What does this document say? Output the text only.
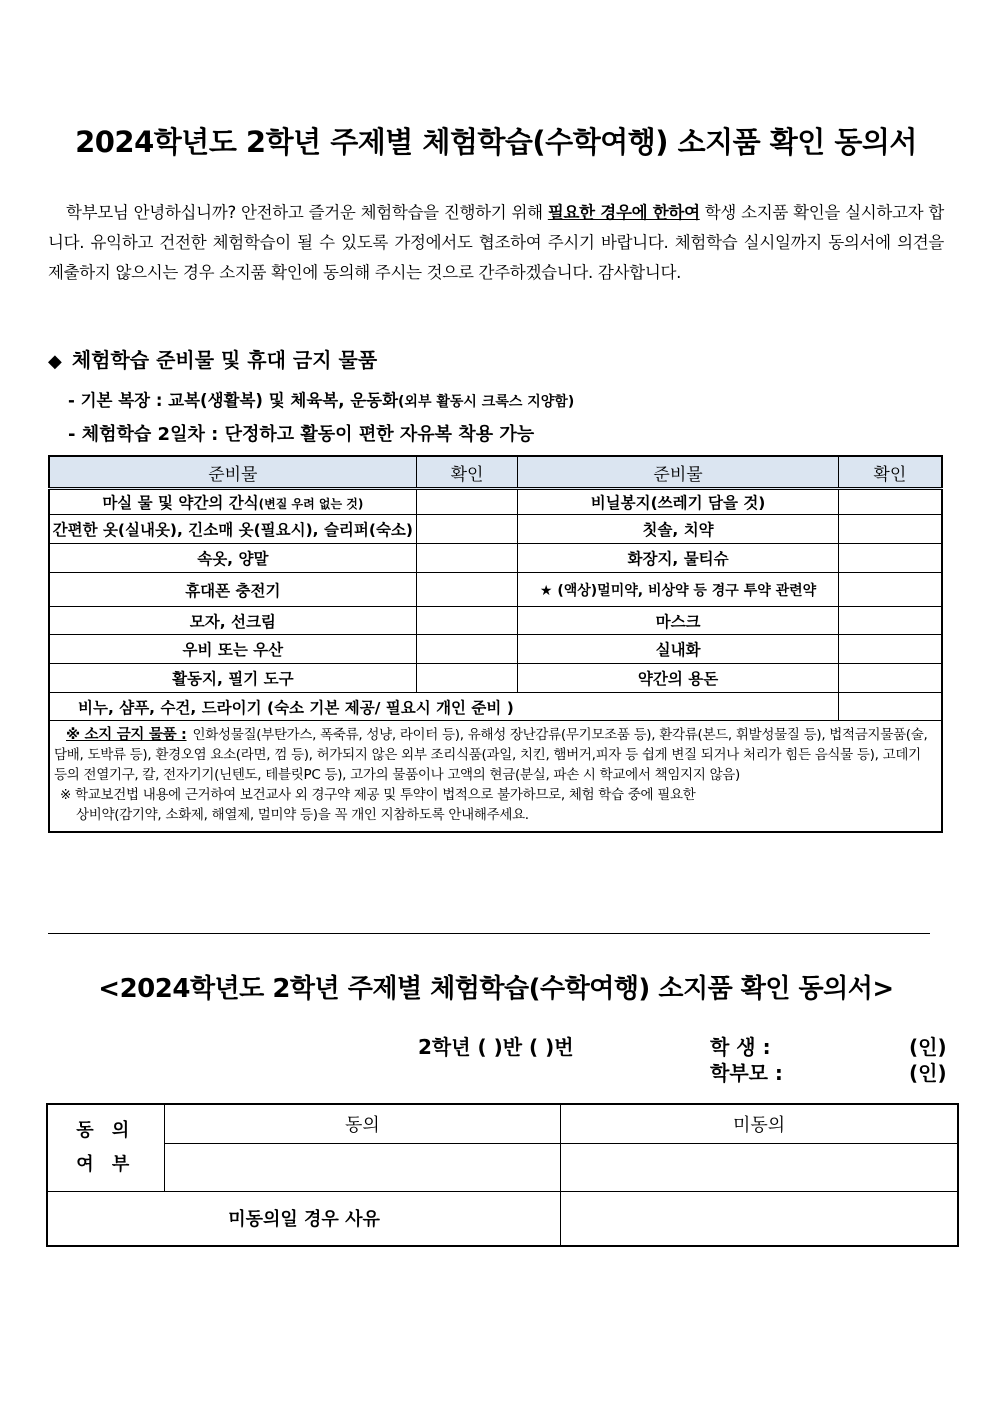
2024학년도 2학년 주제별 체험학습(수학여행) 소지품 확인 동의서
학부모님 안녕하십니까? 안전하고 즐거운 체험학습을 진행하기 위해 필요한 경우에 한하여 학생 소지품 확인을 실시하고자 합니다. 유익하고 건전한 체험학습이 될 수 있도록 가정에서도 협조하여 주시기 바랍니다. 체험학습 실시일까지 동의서에 의견을 제출하지 않으시는 경우 소지품 확인에 동의해 주시는 것으로 간주하겠습니다. 감사합니다.
◆ 체험학습 준비물 및 휴대 금지 물품
- 기본 복장 : 교복(생활복) 및 체육복, 운동화(외부 활동시 크록스 지양함)
- 체험학습 2일차 : 단정하고 활동이 편한 자유복 착용 가능
준비물	확인	준비물	확인
마실 물 및 약간의 간식(변질 우려 없는 것)		비닐봉지(쓰레기 담을 것)	
간편한 옷(실내옷), 긴소매 옷(필요시), 슬리퍼(숙소)		칫솔, 치약	
속옷, 양말		화장지, 물티슈	
휴대폰 충전기		★ (액상)멀미약, 비상약 등 경구 투약 관련약	
모자, 선크림		마스크	
우비 또는 우산		실내화	
활동지, 필기 도구		약간의 용돈	
비누, 샴푸, 수건, 드라이기 (숙소 기본 제공/ 필요시 개인 준비 )			

※ 소지 금지 물품 : 인화성물질(부탄가스, 폭죽류, 성냥, 라이터 등), 유해성 장난감류(무기모조품 등), 환각류(본드, 휘발성물질 등), 법적금지물품(술, 담배, 도박류 등), 환경오염 요소(라면, 껌 등), 허가되지 않은 외부 조리식품(과일, 치킨, 햄버거,피자 등 쉽게 변질 되거나 처리가 힘든 음식물 등), 고데기 등의 전열기구, 칼, 전자기기(닌텐도, 테블릿PC 등), 고가의 물품이나 고액의 현금(분실, 파손 시 학교에서 책임지지 않음)
※ 학교보건법 내용에 근거하여 보건교사 외 경구약 제공 및 투약이 법적으로 불가하므로, 체험 학습 중에 필요한
상비약(감기약, 소화제, 해열제, 멀미약 등)을 꼭 개인 지참하도록 안내해주세요.			
<2024학년도 2학년 주제별 체험학습(수학여행) 소지품 확인 동의서>
2학년 ( )반 ( )번	학 생 :	(인)
학부모 :	(인)
동 의
여 부	동의	미동의

미동의일 경우 사유		
